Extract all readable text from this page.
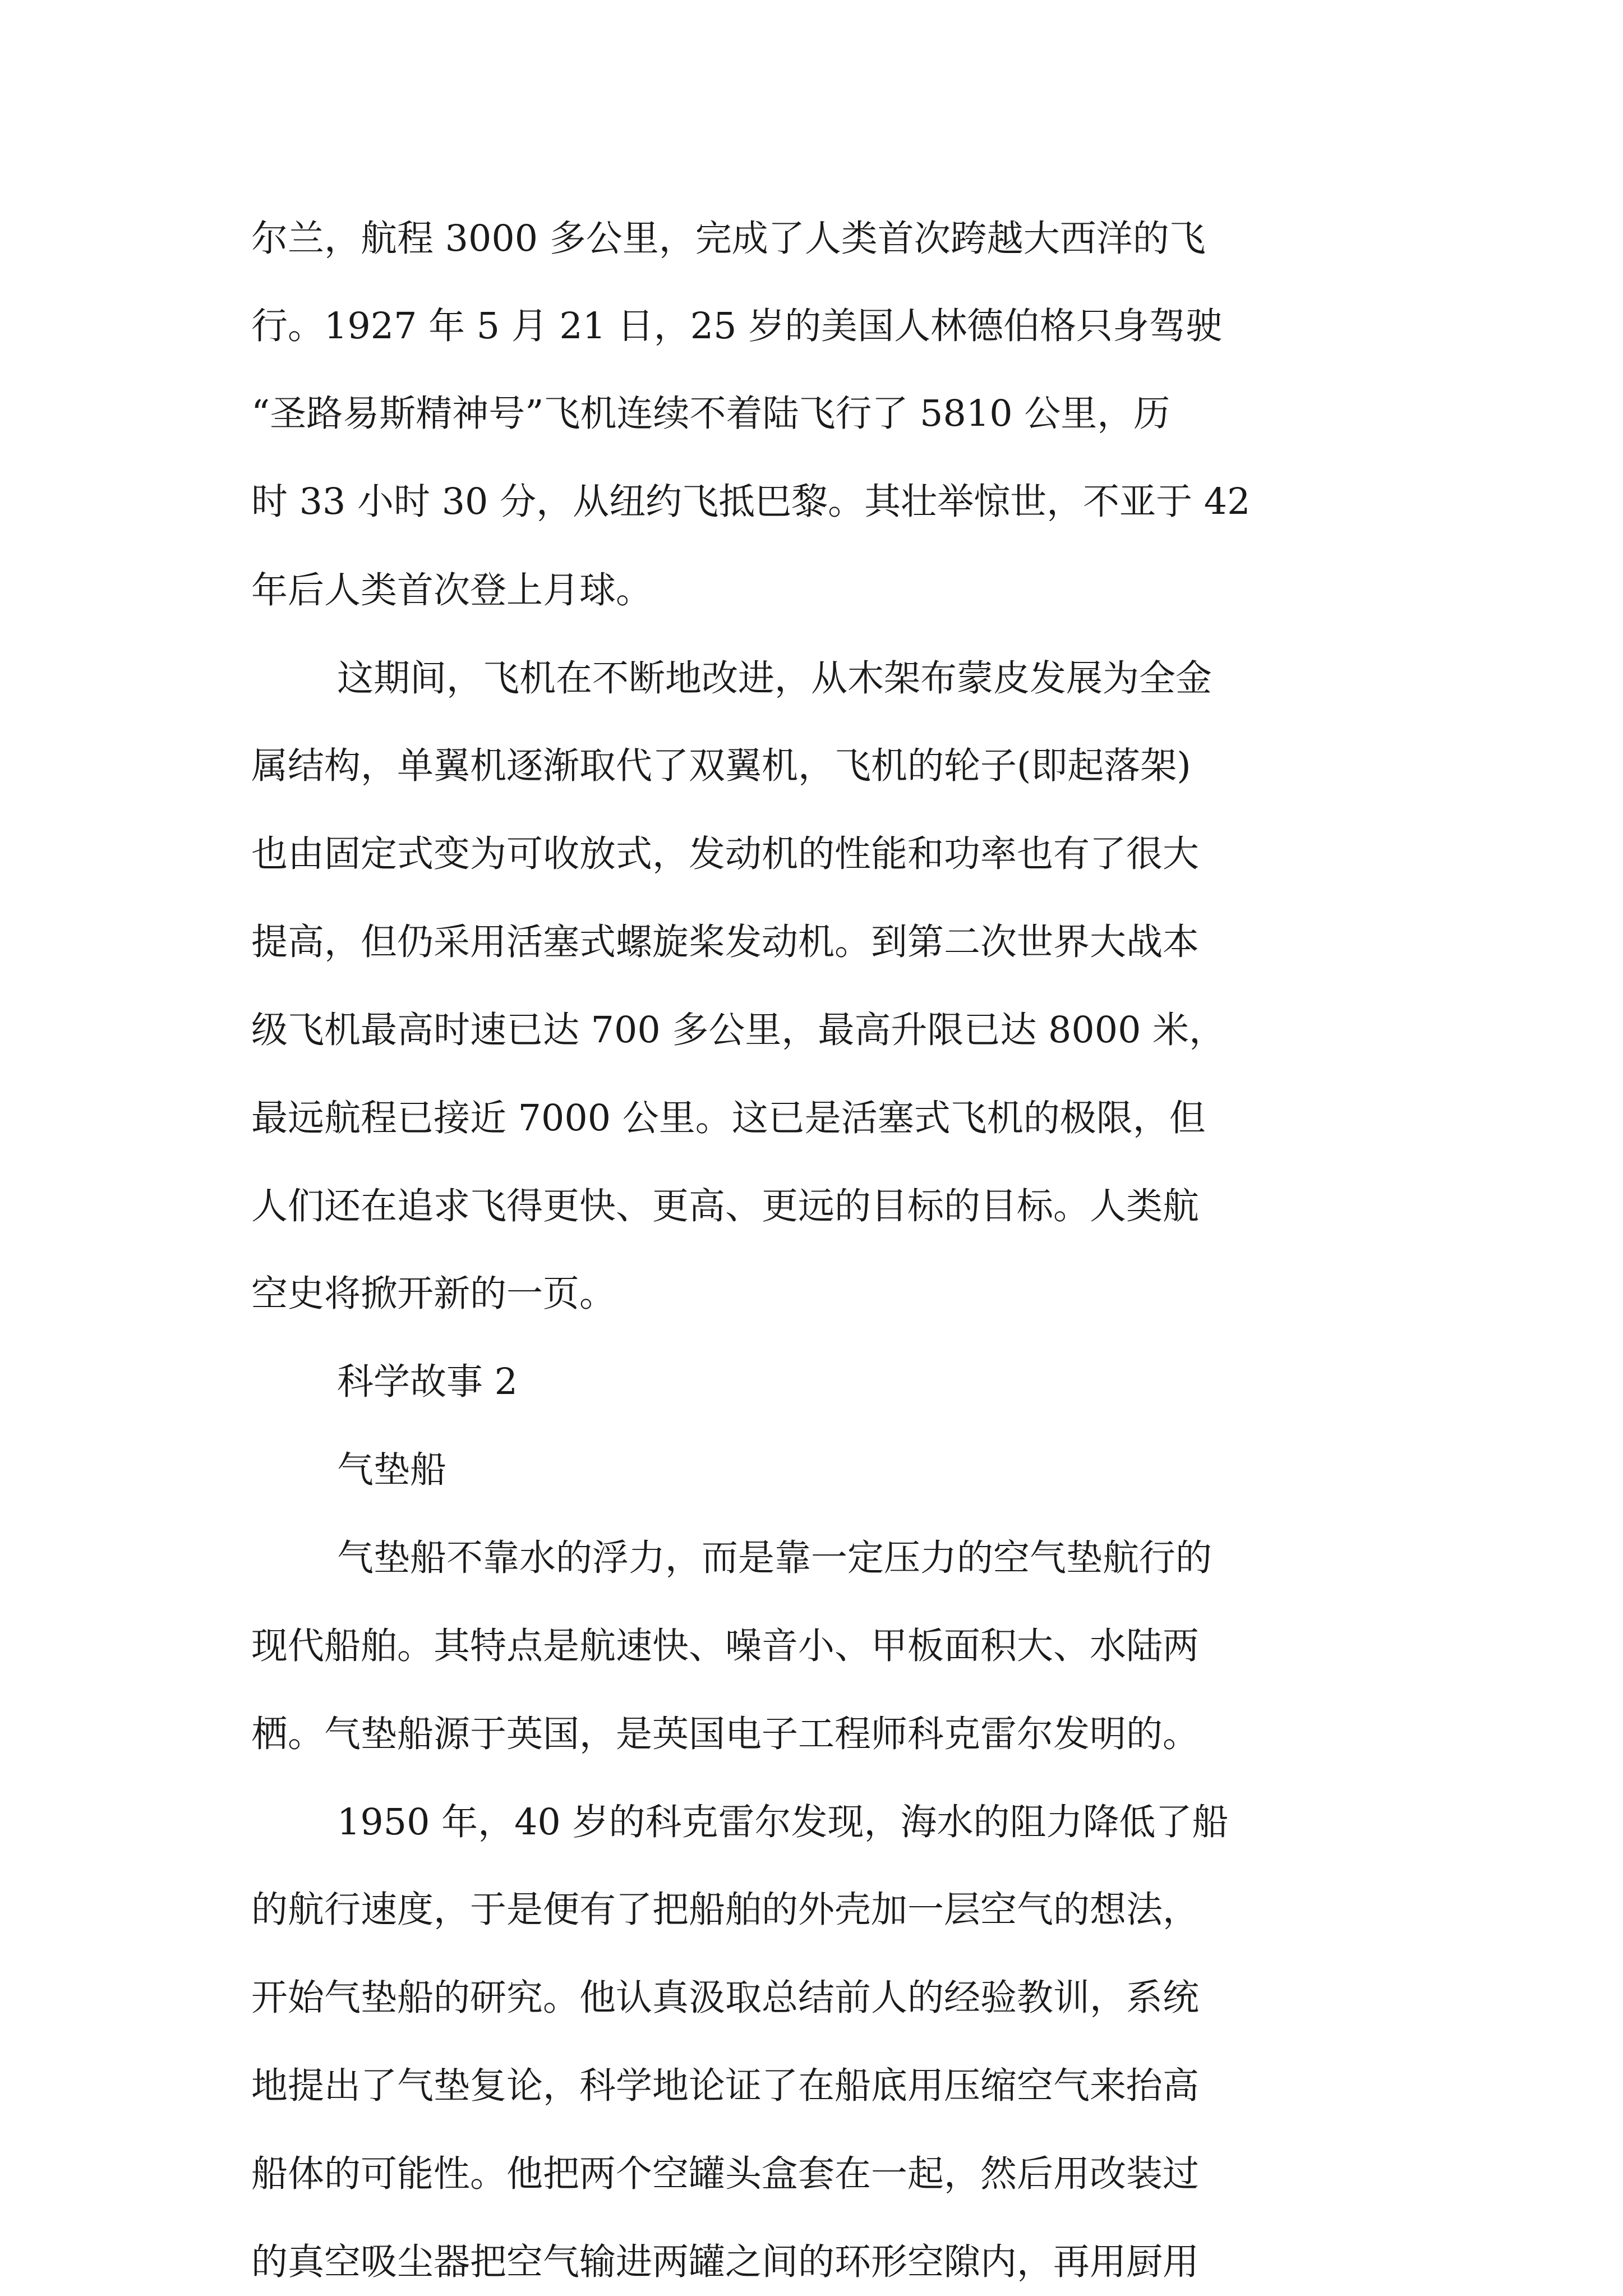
尔兰，航程 3000 多公里，完成了人类首次跨越大西洋的飞

行。1927 年 5 月 21 日，25 岁的美国人林德伯格只身驾驶

“圣路易斯精神号”飞机连续不着陆飞行了 5810 公里，历

时 33 小时 30 分，从纽约飞抵巴黎。其壮举惊世，不亚于 42

年后人类首次登上月球。

这期间，飞机在不断地改进，从木架布蒙皮发展为全金

属结构，单翼机逐渐取代了双翼机，飞机的轮子(即起落架)

也由固定式变为可收放式，发动机的性能和功率也有了很大

提高，但仍采用活塞式螺旋桨发动机。到第二次世界大战本

级飞机最高时速已达 700 多公里，最高升限已达 8000 米，

最远航程已接近 7000 公里。这已是活塞式飞机的极限，但

人们还在追求飞得更快、更高、更远的目标的目标。人类航

空史将掀开新的一页。

科学故事 2

气垫船

气垫船不靠水的浮力，而是靠一定压力的空气垫航行的

现代船舶。其特点是航速快、噪音小、甲板面积大、水陆两

栖。气垫船源于英国，是英国电子工程师科克雷尔发明的。

1950 年，40 岁的科克雷尔发现，海水的阻力降低了船

的航行速度，于是便有了把船舶的外壳加一层空气的想法，

开始气垫船的研究。他认真汲取总结前人的经验教训，系统

地提出了气垫复论，科学地论证了在船底用压缩空气来抬高

船体的可能性。他把两个空罐头盒套在一起，然后用改装过

的真空吸尘器把空气输进两罐之间的环形空隙内，再用厨用
